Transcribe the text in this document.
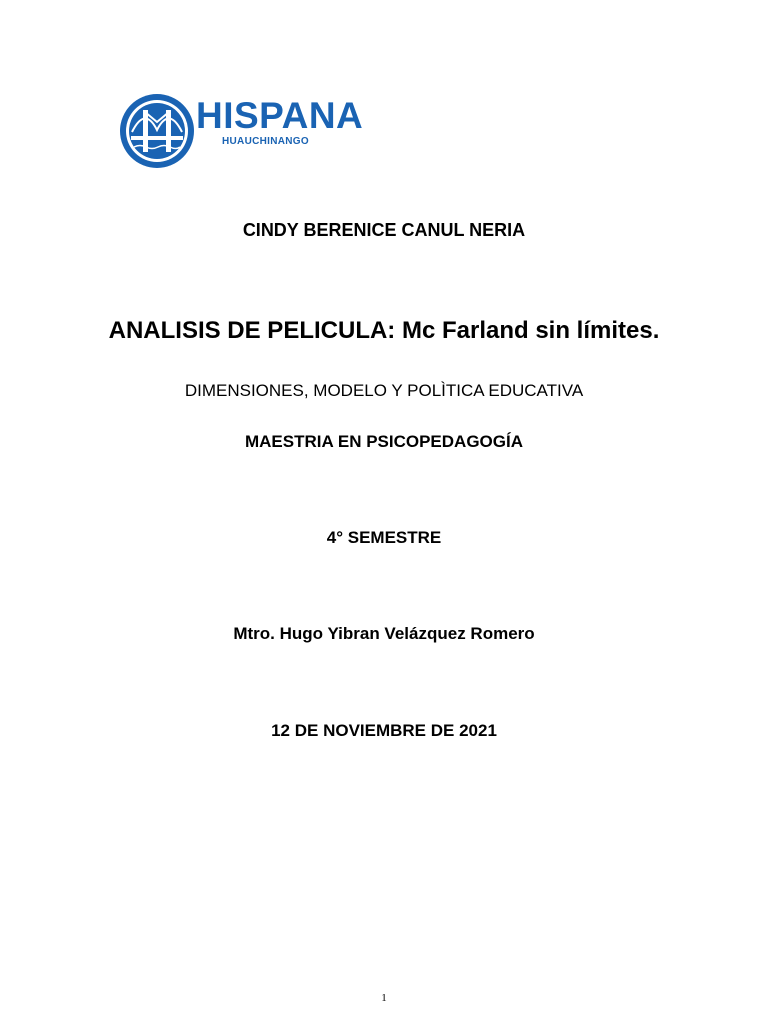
HISPANA
HUAUCHINANGO
CINDY BERENICE CANUL NERIA
ANALISIS DE PELICULA: Mc Farland sin límites.
DIMENSIONES, MODELO Y POLÌTICA EDUCATIVA
MAESTRIA EN PSICOPEDAGOGÍA
4° SEMESTRE
Mtro. Hugo Yibran Velázquez Romero
12 DE NOVIEMBRE DE 2021
1
